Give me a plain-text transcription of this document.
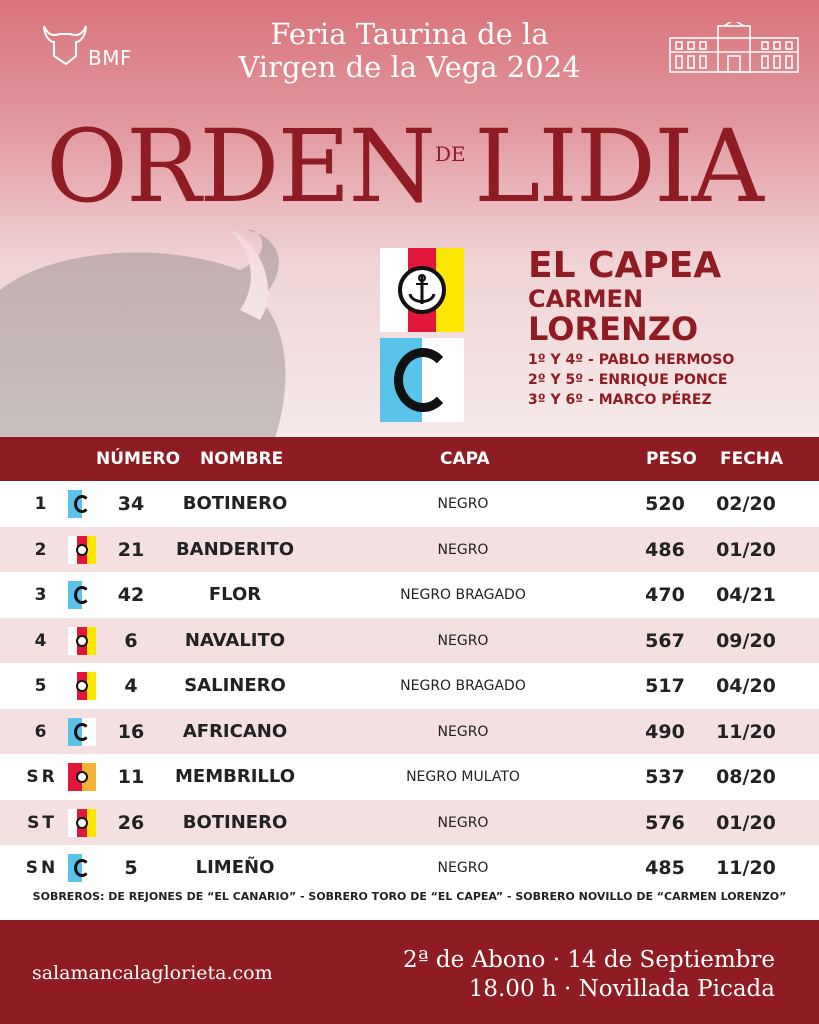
BMF
Feria Taurina de la
Virgen de la Vega 2024
ORDEN DE LIDIA
EL CAPEA
CARMEN
LORENZO
1º Y 4º - PABLO HERMOSO
2º Y 5º - ENRIQUE PONCE
3º Y 6º - MARCO PÉREZ
NÚMERO NOMBRE	CAPA	PESO FECHA
1	34	BOTINERO	NEGRO	520 02/20
2	21	BANDERITO	NEGRO	486 01/20
3	42	FLOR	NEGRO BRAGADO	470 04/21
4	6	NAVALITO	NEGRO	567 09/20
5	4	SALINERO	NEGRO BRAGADO	517 04/20
6	16	AFRICANO	NEGRO	490 11/20
SR	11	MEMBRILLO	NEGRO MULATO	537 08/20
ST	26	BOTINERO	NEGRO	576 01/20
SN	5	LIMEÑO	NEGRO	485 11/20
SOBREROS: DE REJONES DE “EL CANARIO” - SOBRERO TORO DE “EL CAPEA” - SOBRERO NOVILLO DE “CARMEN LORENZO”
salamancalaglorieta.com	2ª de Abono · 14 de Septiembre
18.00 h · Novillada Picada
